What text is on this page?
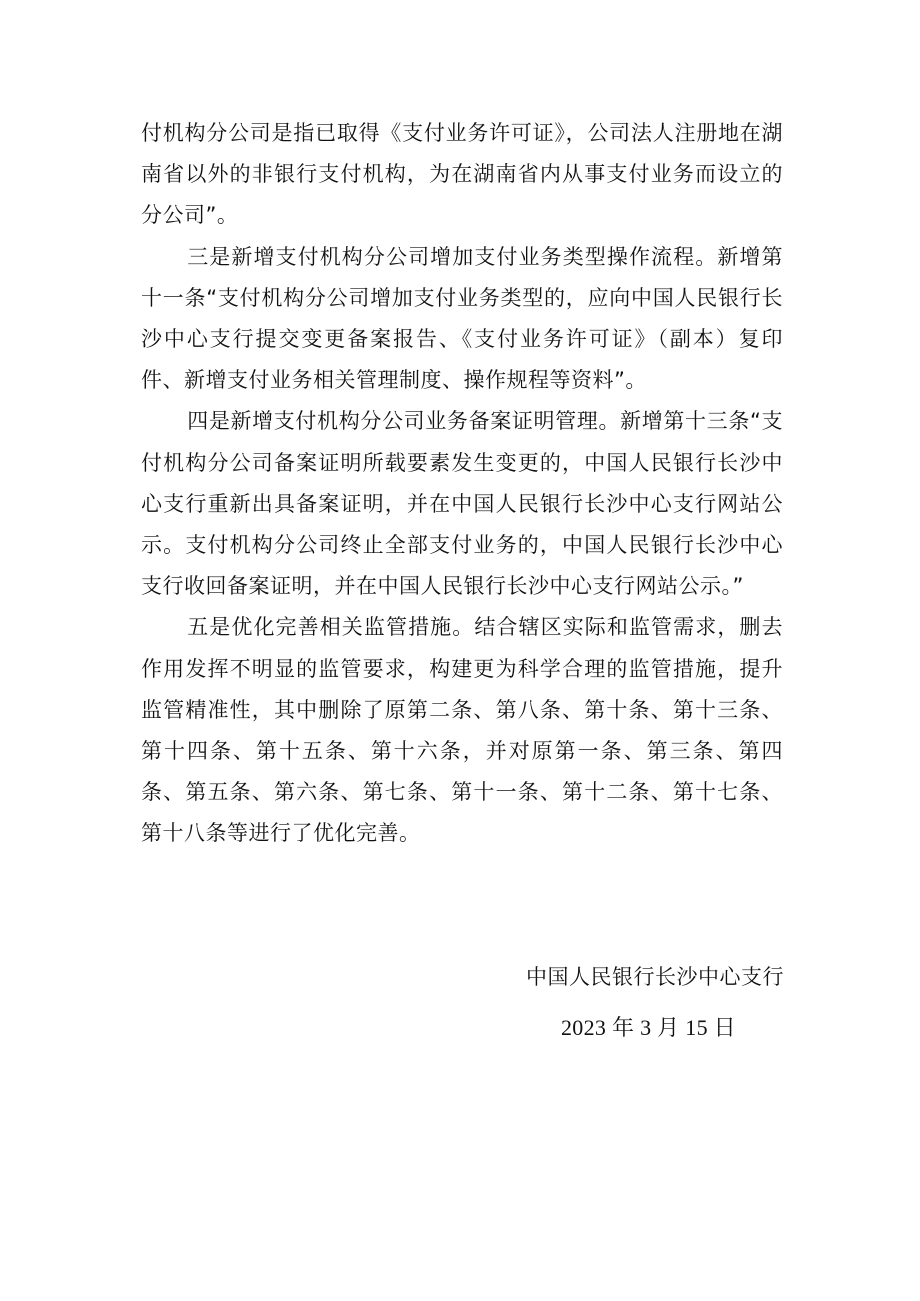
付机构分公司是指已取得《支付业务许可证》，公司法人注册地在湖南省以外的非银行支付机构，为在湖南省内从事支付业务而设立的分公司”。

三是新增支付机构分公司增加支付业务类型操作流程。新增第十一条“支付机构分公司增加支付业务类型的，应向中国人民银行长沙中心支行提交变更备案报告、《支付业务许可证》（副本）复印件、新增支付业务相关管理制度、操作规程等资料”。

四是新增支付机构分公司业务备案证明管理。新增第十三条“支付机构分公司备案证明所载要素发生变更的，中国人民银行长沙中心支行重新出具备案证明，并在中国人民银行长沙中心支行网站公示。支付机构分公司终止全部支付业务的，中国人民银行长沙中心支行收回备案证明，并在中国人民银行长沙中心支行网站公示。”

五是优化完善相关监管措施。结合辖区实际和监管需求，删去作用发挥不明显的监管要求，构建更为科学合理的监管措施，提升监管精准性，其中删除了原第二条、第八条、第十条、第十三条、第十四条、第十五条、第十六条，并对原第一条、第三条、第四条、第五条、第六条、第七条、第十一条、第十二条、第十七条、第十八条等进行了优化完善。

中国人民银行长沙中心支行
2023 年 3 月 15 日
